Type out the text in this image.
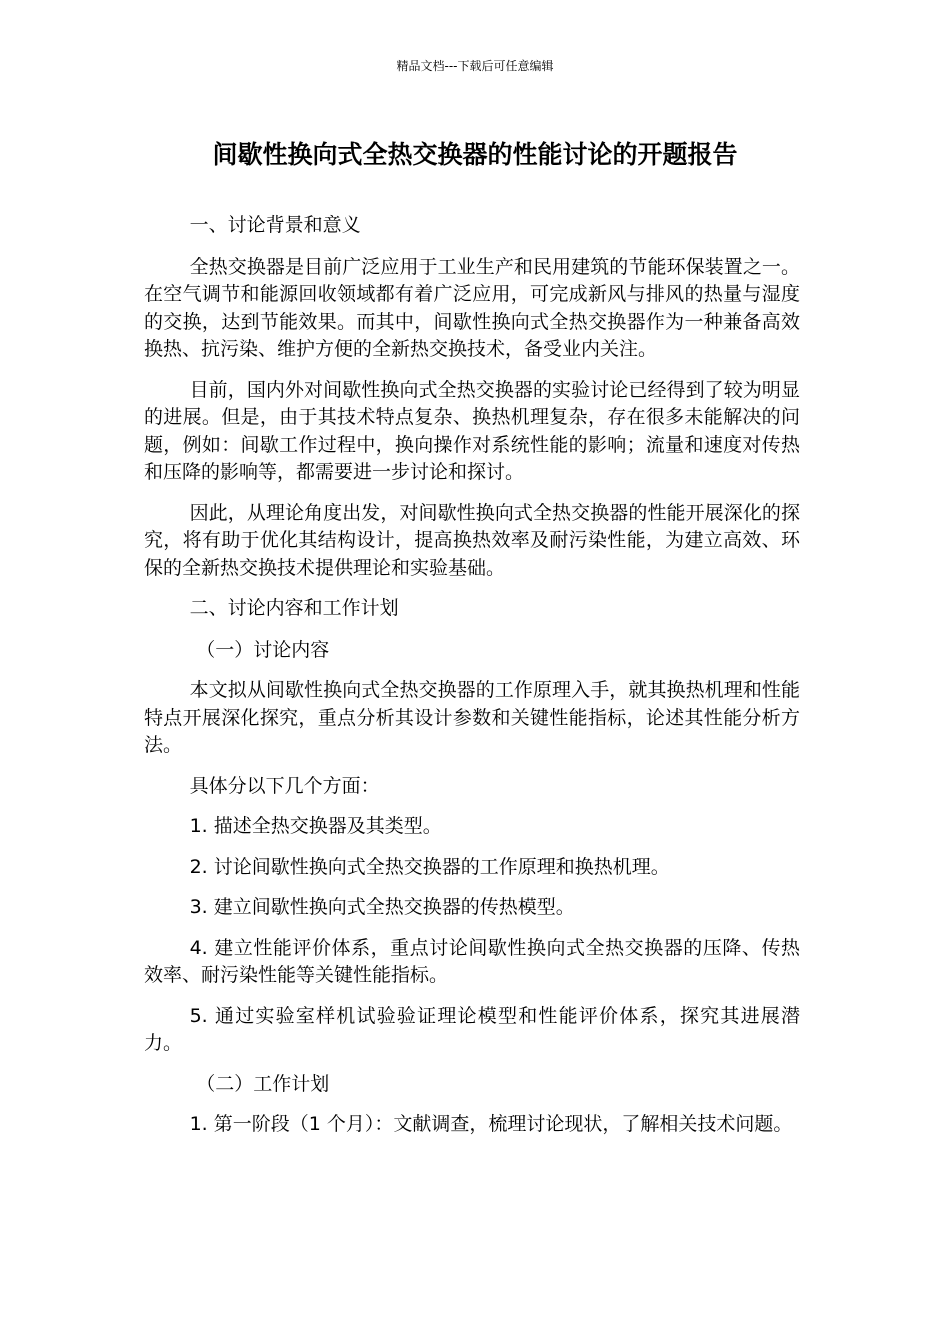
精品文档---下载后可任意编辑
间歇性换向式全热交换器的性能讨论的开题报告

一、讨论背景和意义

全热交换器是目前广泛应用于工业生产和民用建筑的节能环保装置之一。在空气调节和能源回收领域都有着广泛应用，可完成新风与排风的热量与湿度的交换，达到节能效果。而其中，间歇性换向式全热交换器作为一种兼备高效换热、抗污染、维护方便的全新热交换技术，备受业内关注。

目前，国内外对间歇性换向式全热交换器的实验讨论已经得到了较为明显的进展。但是，由于其技术特点复杂、换热机理复杂，存在很多未能解决的问题，例如：间歇工作过程中，换向操作对系统性能的影响；流量和速度对传热和压降的影响等，都需要进一步讨论和探讨。

因此，从理论角度出发，对间歇性换向式全热交换器的性能开展深化的探究，将有助于优化其结构设计，提高换热效率及耐污染性能，为建立高效、环保的全新热交换技术提供理论和实验基础。

二、讨论内容和工作计划

（一）讨论内容

本文拟从间歇性换向式全热交换器的工作原理入手，就其换热机理和性能特点开展深化探究，重点分析其设计参数和关键性能指标，论述其性能分析方法。

具体分以下几个方面：

1. 描述全热交换器及其类型。

2. 讨论间歇性换向式全热交换器的工作原理和换热机理。

3. 建立间歇性换向式全热交换器的传热模型。

4. 建立性能评价体系，重点讨论间歇性换向式全热交换器的压降、传热效率、耐污染性能等关键性能指标。

5. 通过实验室样机试验验证理论模型和性能评价体系，探究其进展潜力。

（二）工作计划

1. 第一阶段（1 个月）：文献调查，梳理讨论现状，了解相关技术问题。
